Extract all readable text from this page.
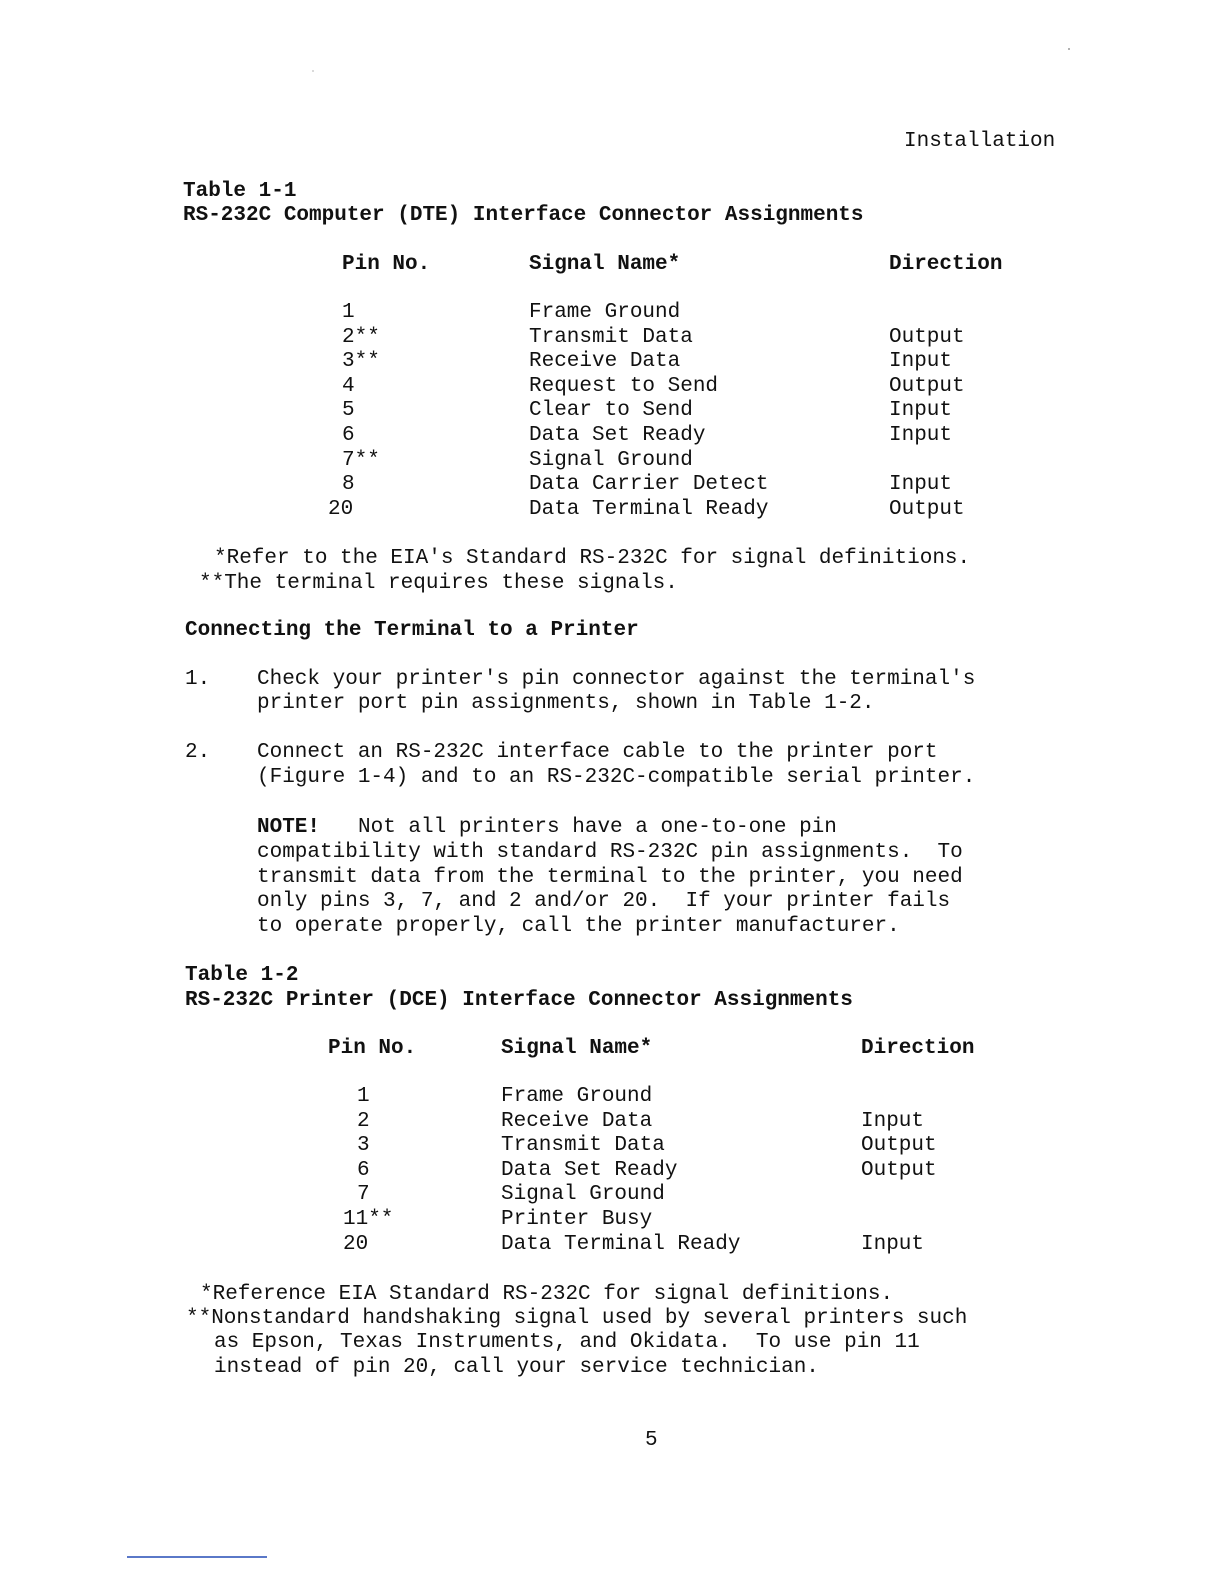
Installation
Table 1-1
RS-232C Computer (DTE) Interface Connector Assignments
Pin No.	Signal Name*	Direction
1	Frame Ground
2**	Transmit Data	Output
3**	Receive Data	Input
4	Request to Send	Output
5	Clear to Send	Input
6	Data Set Ready	Input
7**	Signal Ground
8	Data Carrier Detect	Input
20	Data Terminal Ready	Output
*Refer to the EIA's Standard RS-232C for signal definitions.
**The terminal requires these signals.
Connecting the Terminal to a Printer
1. Check your printer's pin connector against the terminal's
printer port pin assignments, shown in Table 1-2.
2. Connect an RS-232C interface cable to the printer port
(Figure 1-4) and to an RS-232C-compatible serial printer.
NOTE! Not all printers have a one-to-one pin
compatibility with standard RS-232C pin assignments.  To
transmit data from the terminal to the printer, you need
only pins 3, 7, and 2 and/or 20.  If your printer fails
to operate properly, call the printer manufacturer.
Table 1-2
RS-232C Printer (DCE) Interface Connector Assignments
Pin No.	Signal Name*	Direction
1	Frame Ground
2	Receive Data	Input
3	Transmit Data	Output
6	Data Set Ready	Output
7	Signal Ground
11**	Printer Busy
20	Data Terminal Ready	Input
*Reference EIA Standard RS-232C for signal definitions.
**Nonstandard handshaking signal used by several printers such
as Epson, Texas Instruments, and Okidata.  To use pin 11
instead of pin 20, call your service technician.
5
